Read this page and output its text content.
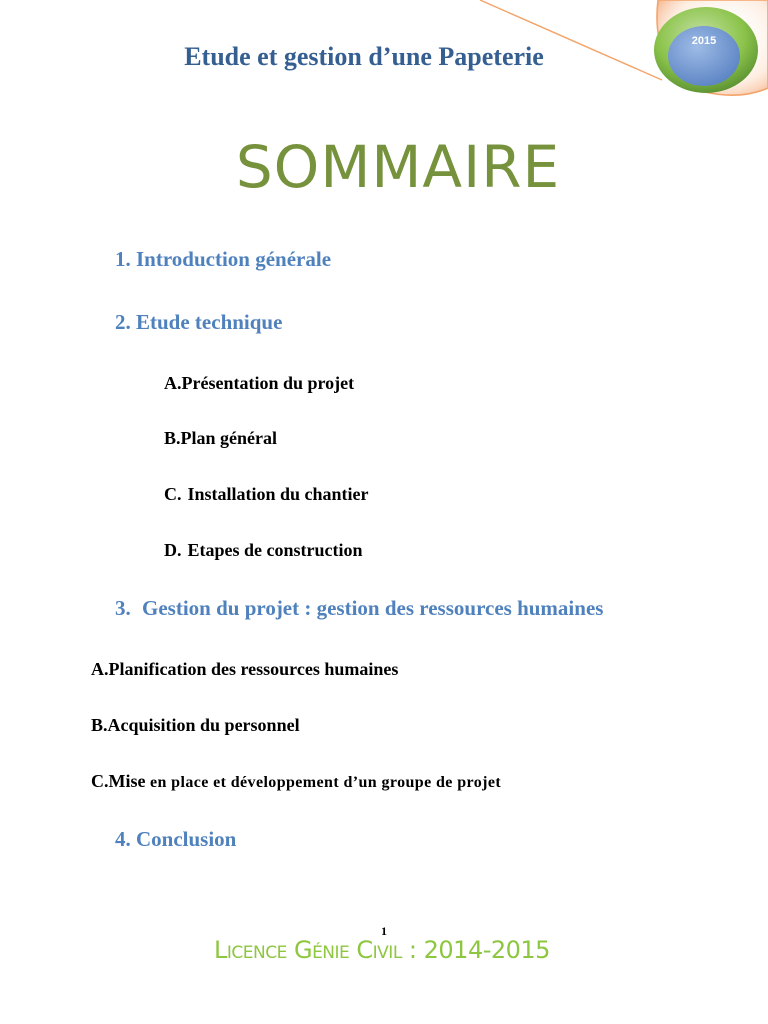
2015
Etude et gestion d’une Papeterie
SOMMAIRE
1. Introduction générale
2. Etude technique
A.Présentation du projet
B.Plan général
C. Installation du chantier
D. Etapes de construction
3. Gestion du projet : gestion des ressources humaines
A.Planification des ressources humaines
B.Acquisition du personnel
C.Mise en place et développement d’un groupe de projet
4. Conclusion
1
Licence Génie Civil : 2014-2015
